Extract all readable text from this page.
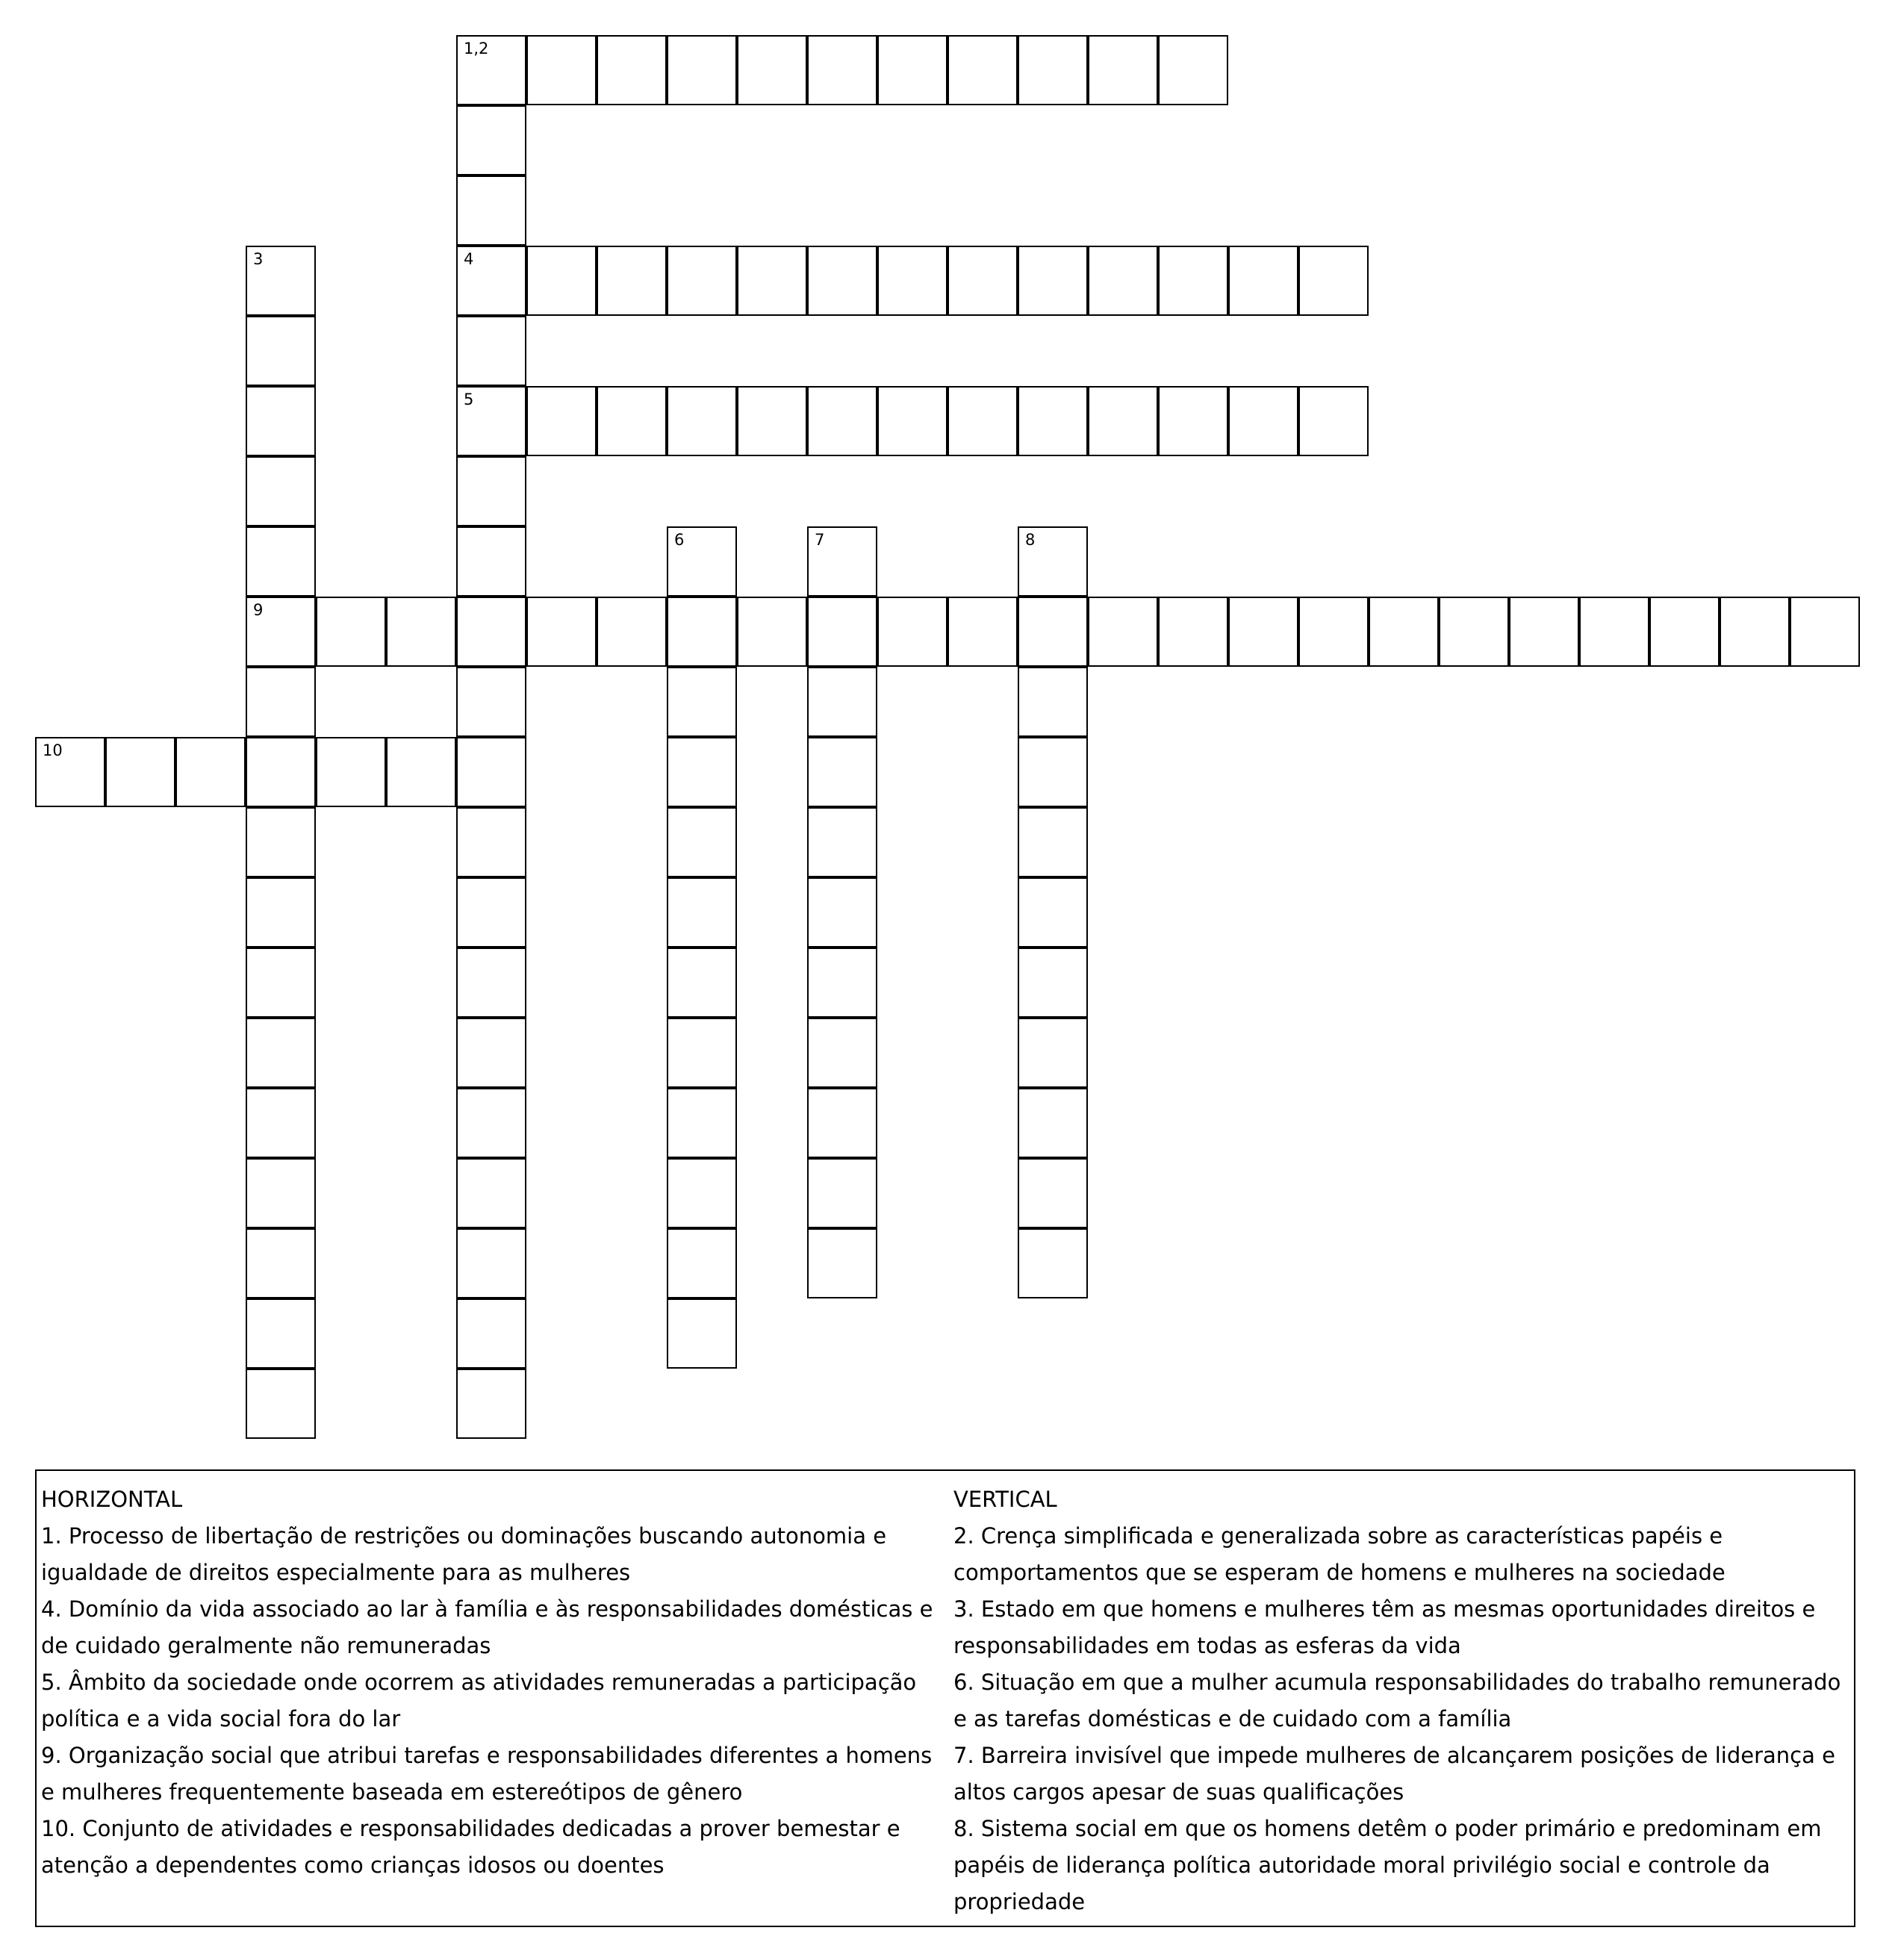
1,2
3
9
4
5
6	7	8
10
HORIZONTAL
1. Processo de libertação de restrições ou dominações buscando autonomia e igualdade de direitos especialmente para as mulheres
4. Domínio da vida associado ao lar à família e às responsabilidades domésticas e de cuidado geralmente não remuneradas
5. Âmbito da sociedade onde ocorrem as atividades remuneradas a participação política e a vida social fora do lar
9. Organização social que atribui tarefas e responsabilidades diferentes a homens e mulheres frequentemente baseada em estereótipos de gênero
10. Conjunto de atividades e responsabilidades dedicadas a prover bemestar e atenção a dependentes como crianças idosos ou doentes
VERTICAL
2. Crença simplificada e generalizada sobre as características papéis e comportamentos que se esperam de homens e mulheres na sociedade
3. Estado em que homens e mulheres têm as mesmas oportunidades direitos e responsabilidades em todas as esferas da vida
6. Situação em que a mulher acumula responsabilidades do trabalho remunerado e as tarefas domésticas e de cuidado com a família
7. Barreira invisível que impede mulheres de alcançarem posições de liderança e altos cargos apesar de suas qualificações
8. Sistema social em que os homens detêm o poder primário e predominam em papéis de liderança política autoridade moral privilégio social e controle da propriedade
